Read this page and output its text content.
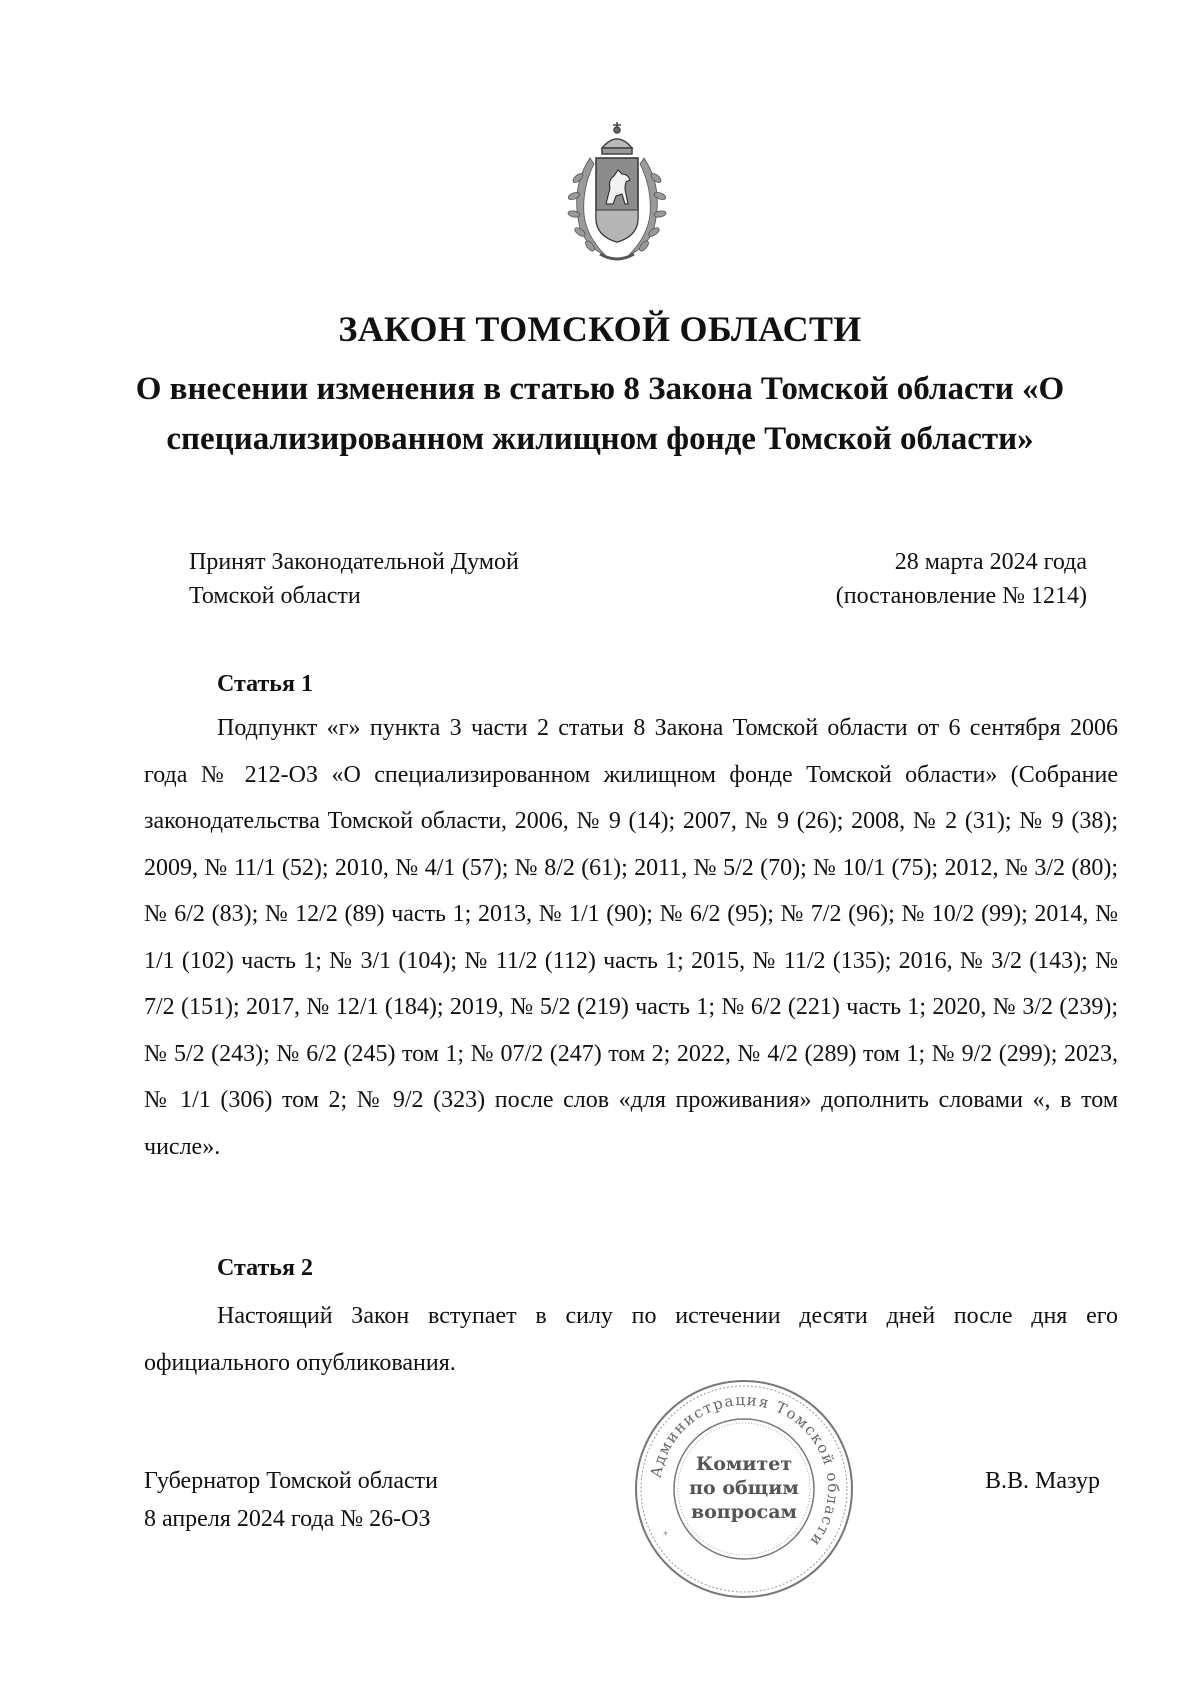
ЗАКОН ТОМСКОЙ ОБЛАСТИ
О внесении изменения в статью 8 Закона Томской области «О специализированном жилищном фонде Томской области»
Принят Законодательной Думой
Томской области
28 марта 2024 года
(постановление № 1214)
Статья 1

Подпункт «г» пункта 3 части 2 статьи 8 Закона Томской области от 6 сентября 2006 года № 212-ОЗ «О специализированном жилищном фонде Томской области» (Собрание законодательства Томской области, 2006, № 9 (14); 2007, № 9 (26); 2008, № 2 (31); № 9 (38); 2009, № 11/1 (52); 2010, № 4/1 (57); № 8/2 (61); 2011, № 5/2 (70); № 10/1 (75); 2012, № 3/2 (80); № 6/2 (83); № 12/2 (89) часть 1; 2013, № 1/1 (90); № 6/2 (95); № 7/2 (96); № 10/2 (99); 2014, № 1/1 (102) часть 1; № 3/1 (104); № 11/2 (112) часть 1; 2015, № 11/2 (135); 2016, № 3/2 (143); № 7/2 (151); 2017, № 12/1 (184); 2019, № 5/2 (219) часть 1; № 6/2 (221) часть 1; 2020, № 3/2 (239); № 5/2 (243); № 6/2 (245) том 1; № 07/2 (247) том 2; 2022, № 4/2 (289) том 1; № 9/2 (299); 2023, № 1/1 (306) том 2; № 9/2 (323) после слов «для проживания» дополнить словами «, в том числе».

Статья 2

Настоящий Закон вступает в силу по истечении десяти дней после дня его официального опубликования.

Губернатор Томской области
8 апреля 2024 года № 26-ОЗ
В.В. Мазур
Администрация Томской области
*
Комитет
по общим
вопросам
